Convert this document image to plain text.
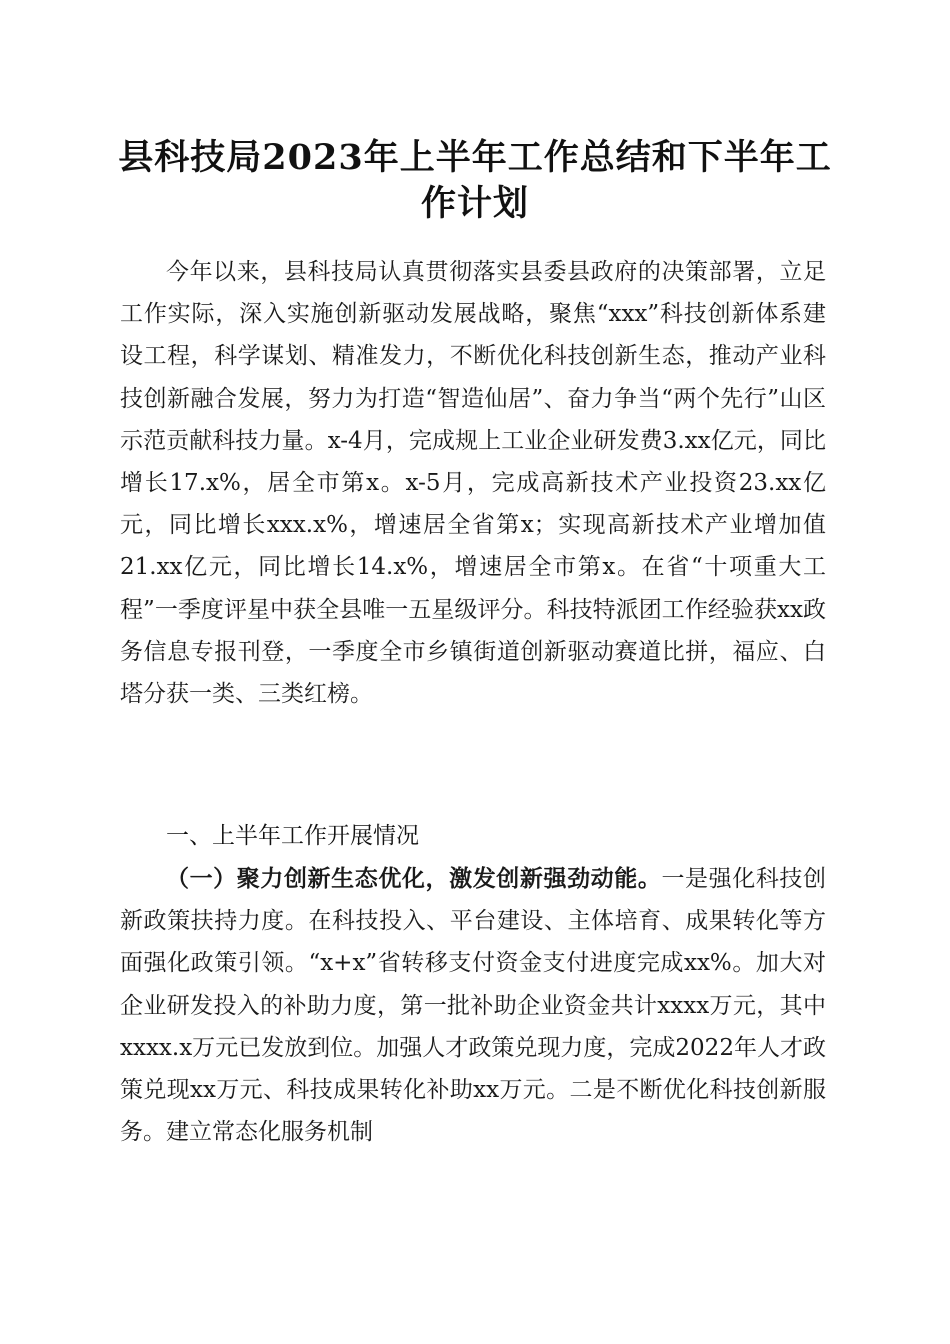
县科技局2023年上半年工作总结和下半年工作计划

今年以来，县科技局认真贯彻落实县委县政府的决策部署，立足工作实际，深入实施创新驱动发展战略，聚焦“xxx”科技创新体系建设工程，科学谋划、精准发力，不断优化科技创新生态，推动产业科技创新融合发展，努力为打造“智造仙居”、奋力争当“两个先行”山区示范贡献科技力量。x-4月，完成规上工业企业研发费3.xx亿元，同比增长17.x%，居全市第x。x-5月，完成高新技术产业投资23.xx亿元，同比增长xxx.x%，增速居全省第x；实现高新技术产业增加值21.xx亿元，同比增长14.x%，增速居全市第x。在省“十项重大工程”一季度评星中获全县唯一五星级评分。科技特派团工作经验获xx政务信息专报刊登，一季度全市乡镇街道创新驱动赛道比拼，福应、白塔分获一类、三类红榜。

一、上半年工作开展情况

（一）聚力创新生态优化，激发创新强劲动能。一是强化科技创新政策扶持力度。在科技投入、平台建设、主体培育、成果转化等方面强化政策引领。“x+x”省转移支付资金支付进度完成xx%。加大对企业研发投入的补助力度，第一批补助企业资金共计xxxx万元，其中xxxx.x万元已发放到位。加强人才政策兑现力度，完成2022年人才政策兑现xx万元、科技成果转化补助xx万元。二是不断优化科技创新服务。建立常态化服务机制
